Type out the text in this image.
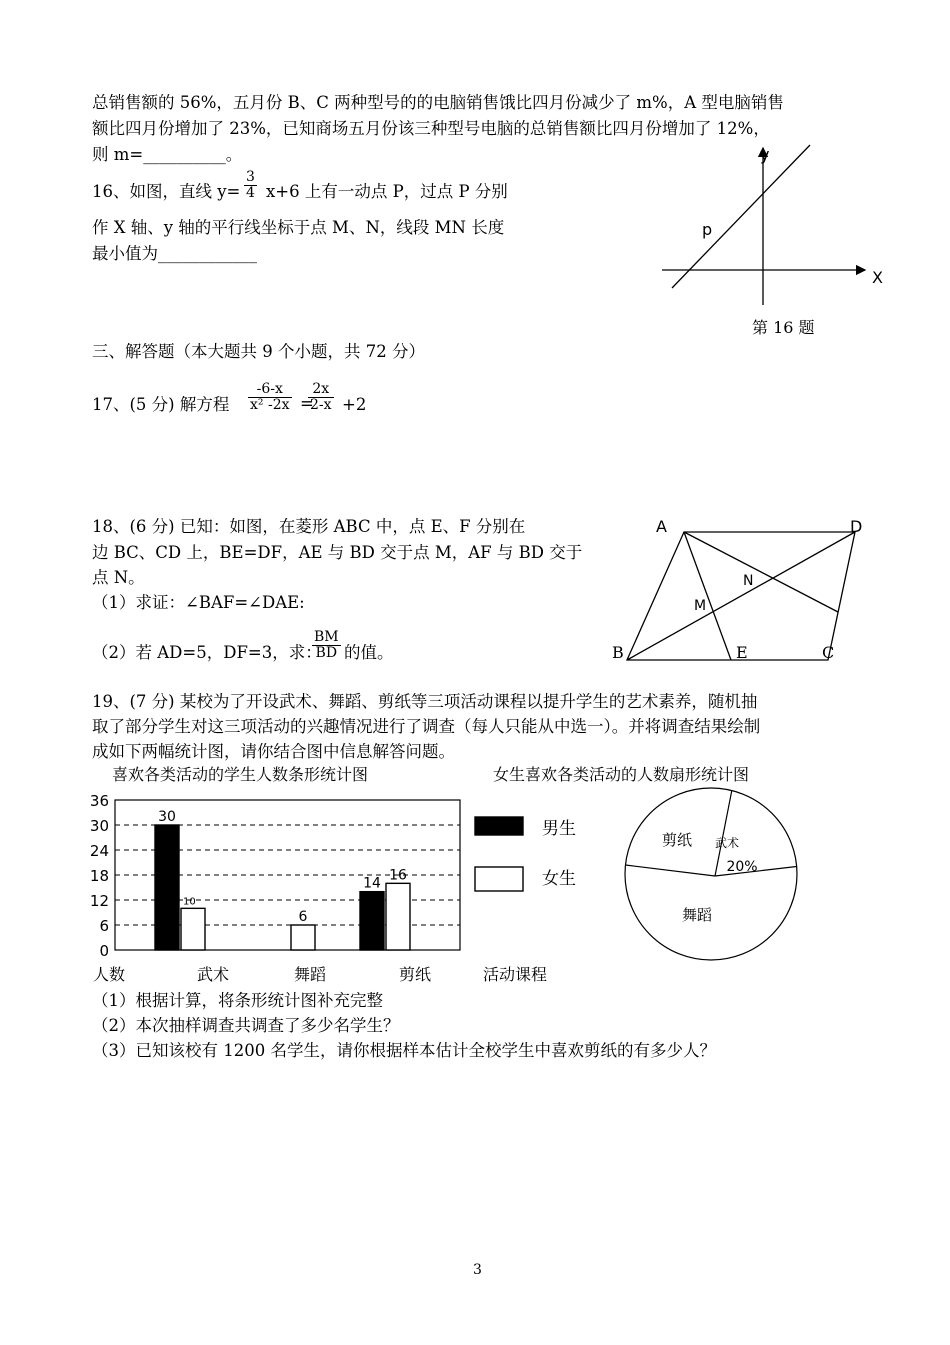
总销售额的 56%，五月份 B、C 两种型号的的电脑销售饿比四月份减少了 m%，A 型电脑销售
额比四月份增加了 23%，已知商场五月份该三种型号电脑的总销售额比四月份增加了 12%，
则 m=__________。
16、如图，直线 $y= \frac{3}{4} x+6$ 上有一动点 P，过点 P 分别
作 X 轴、y 轴的平行线坐标于点 M、N，线段 MN 长度
最小值为____________
y
X
p
第 16 题
三、解答题（本大题共 9 个小题，共 72 分）
17、(5 分) 解方程 $\frac{-6-x}{\text{x² -2x}}$ =
$\frac{2x}{2-x} +2$
18、(6 分) 已知：如图，在菱形 ABC 中，点 E、F 分别在
边 BC、CD 上，BE=DF，AE 与 BD 交于点 M，AF 与 BD 交于
点 N。
（1）求证：∠BAF=∠DAE:
（2）若 AD=5，DF=3，求：
$\frac{BM}{BD}$ 的值。
A	D
N
M
B	E	C
19、(7 分) 某校为了开设武术、舞蹈、剪纸等三项活动课程以提升学生的艺术素养，随机抽
取了部分学生对这三项活动的兴趣情况进行了调查（每人只能从中选一）。并将调查结果绘制
成如下两幅统计图，请你结合图中信息解答问题。
喜欢各类活动的学生人数条形统计图	女生喜欢各类活动的人数扇形统计图
0
6
12
18
24
30
36
30
10
6
14
16
武术	舞蹈	剪纸
人数	活动课程
男生
女生
剪纸 武术
20%
舞蹈
（1）根据计算，将条形统计图补充完整
（2）本次抽样调查共调查了多少名学生？
（3）已知该校有 1200 名学生，请你根据样本估计全校学生中喜欢剪纸的有多少人？
3
